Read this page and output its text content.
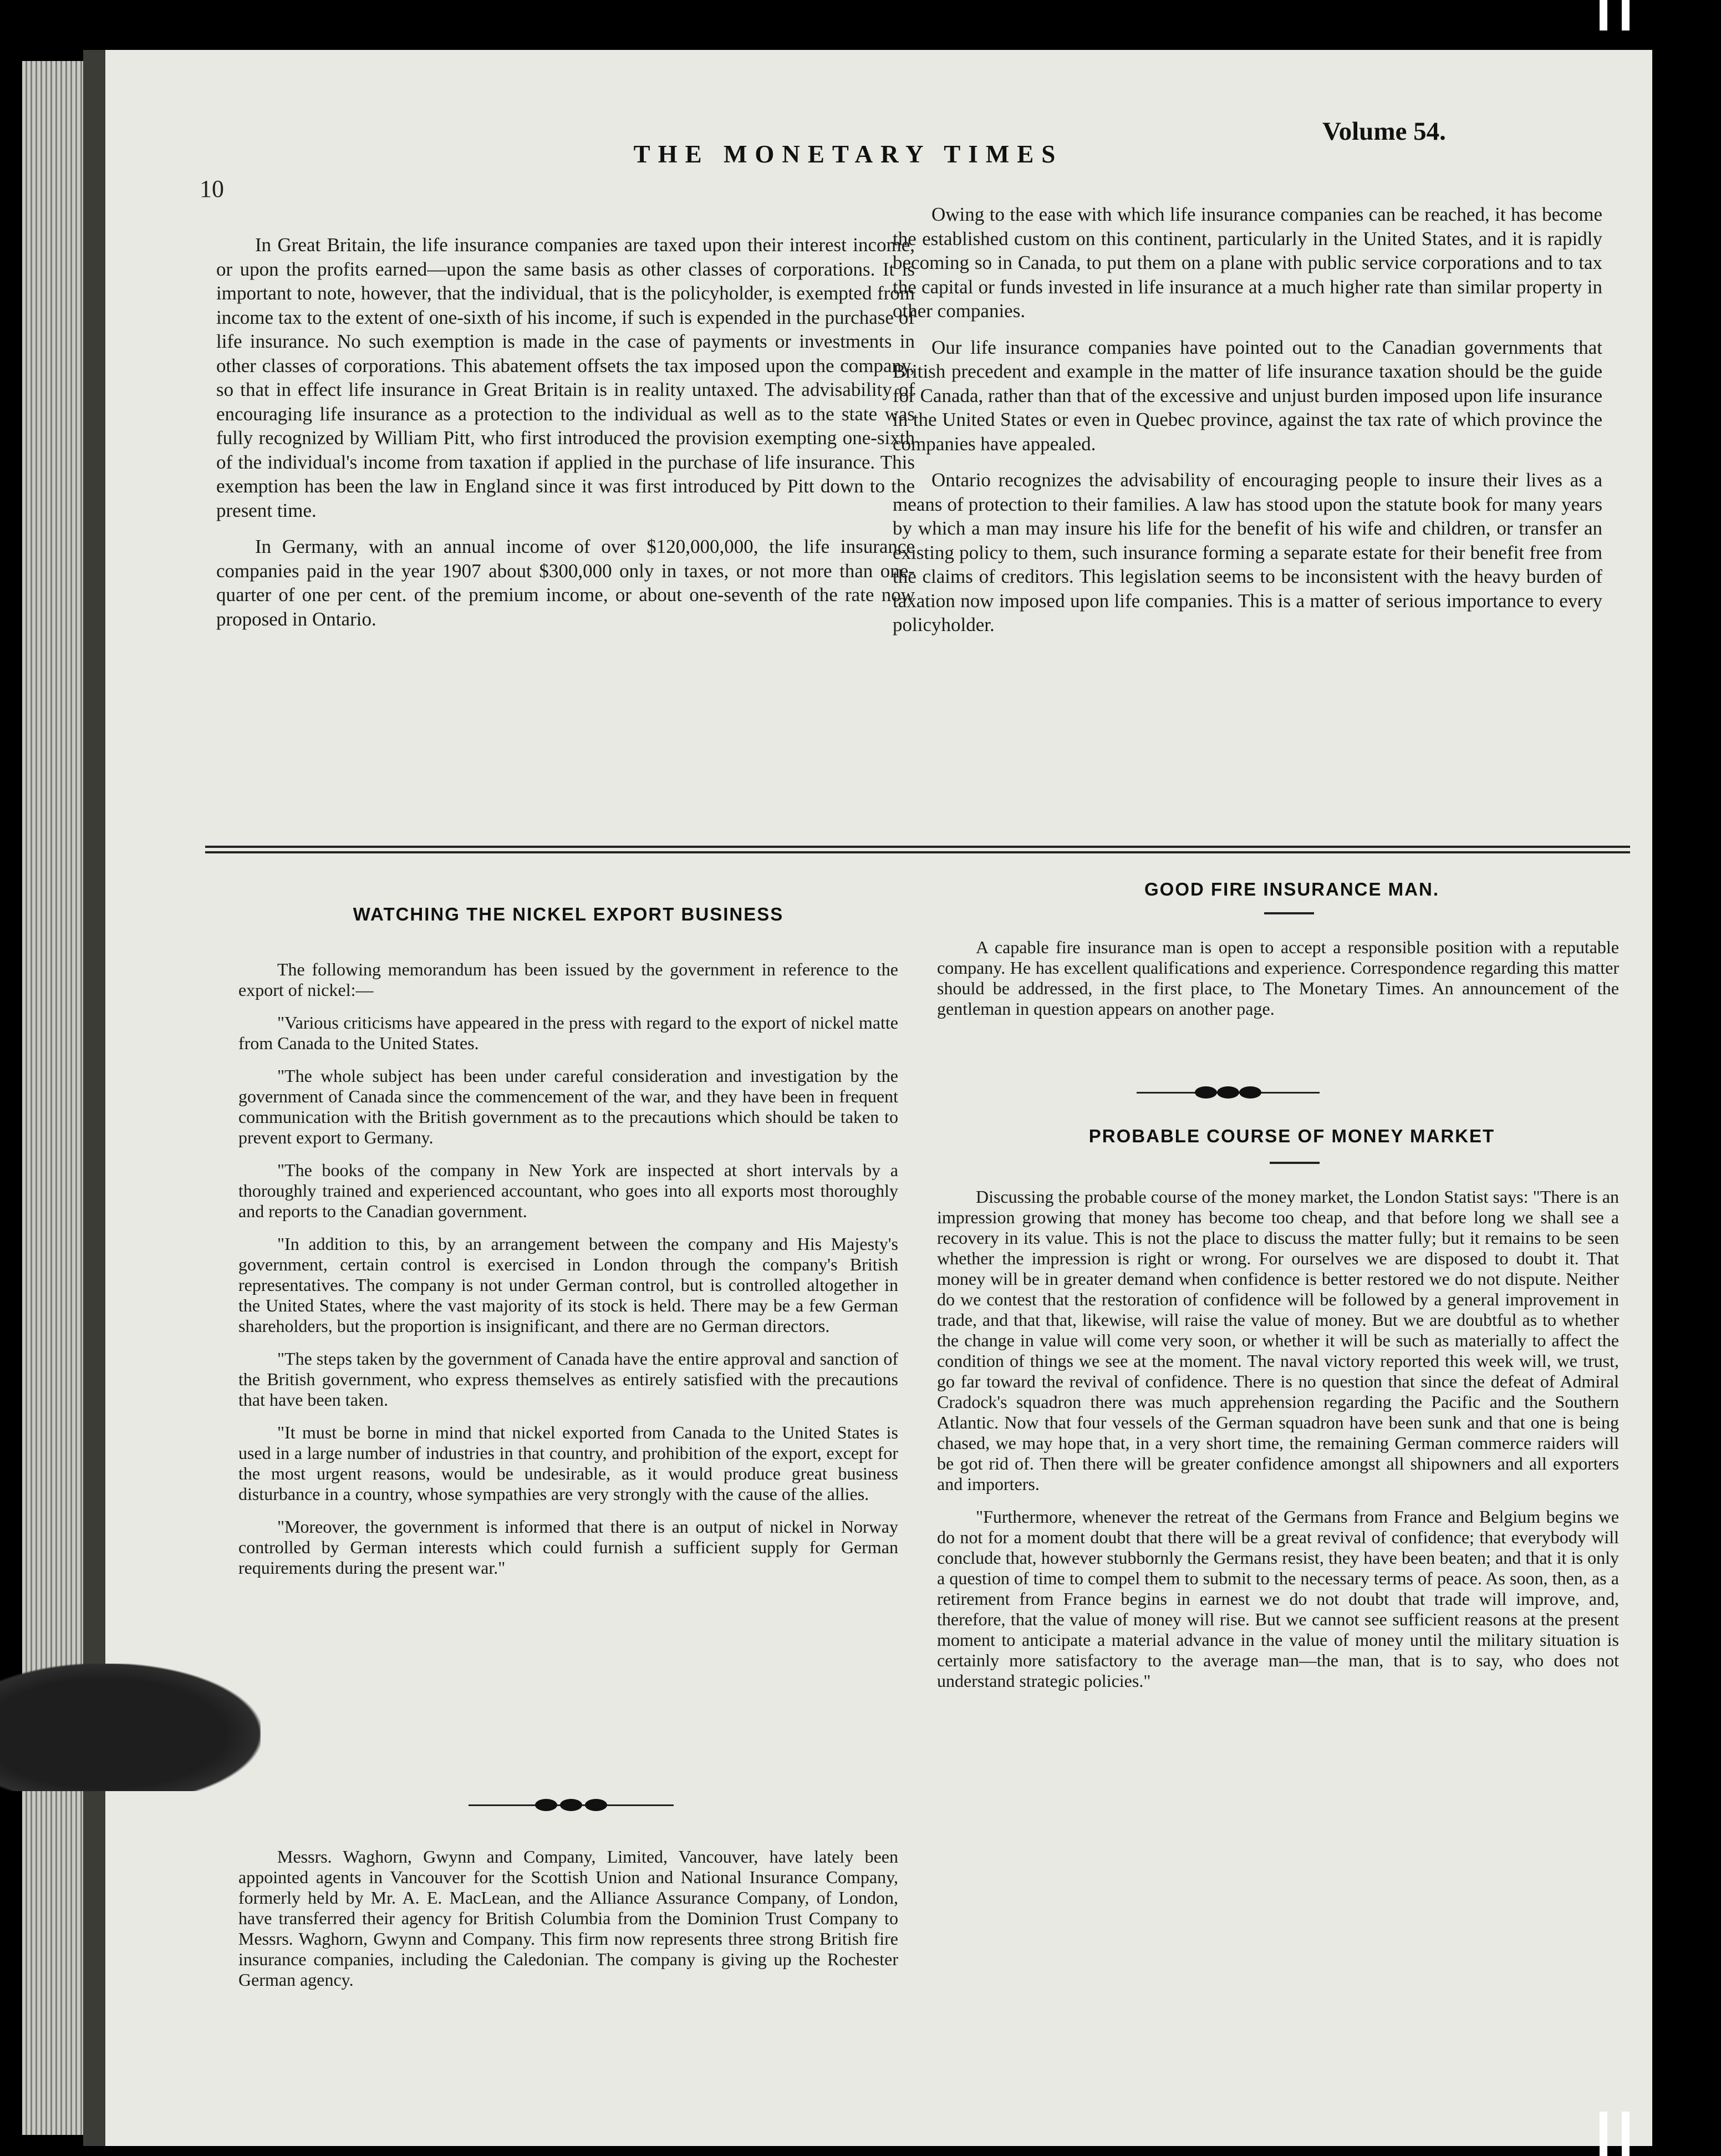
10
THE MONETARY TIMES
Volume 54.

In Great Britain, the life insurance companies are taxed upon their interest income, or upon the profits earned—upon the same basis as other classes of corporations. It is important to note, however, that the individual, that is the policyholder, is exempted from income tax to the extent of one-sixth of his income, if such is expended in the purchase of life insurance. No such exemption is made in the case of payments or investments in other classes of corporations. This abatement offsets the tax imposed upon the company, so that in effect life insurance in Great Britain is in reality untaxed. The advisability of encouraging life insurance as a protection to the individual as well as to the state was fully recognized by William Pitt, who first introduced the provision exempting one-sixth of the individual's income from taxation if applied in the purchase of life insurance. This exemption has been the law in England since it was first introduced by Pitt down to the present time.

In Germany, with an annual income of over $120,000,000, the life insurance companies paid in the year 1907 about $300,000 only in taxes, or not more than one-quarter of one per cent. of the premium income, or about one-seventh of the rate now proposed in Ontario.

Owing to the ease with which life insurance companies can be reached, it has become the established custom on this continent, particularly in the United States, and it is rapidly becoming so in Canada, to put them on a plane with public service corporations and to tax the capital or funds invested in life insurance at a much higher rate than similar property in other companies.

Our life insurance companies have pointed out to the Canadian governments that British precedent and example in the matter of life insurance taxation should be the guide for Canada, rather than that of the excessive and unjust burden imposed upon life insurance in the United States or even in Quebec province, against the tax rate of which province the companies have appealed.

Ontario recognizes the advisability of encouraging people to insure their lives as a means of protection to their families. A law has stood upon the statute book for many years by which a man may insure his life for the benefit of his wife and children, or transfer an existing policy to them, such insurance forming a separate estate for their benefit free from the claims of creditors. This legislation seems to be inconsistent with the heavy burden of taxation now imposed upon life companies. This is a matter of serious importance to every policyholder.

WATCHING THE NICKEL EXPORT BUSINESS

The following memorandum has been issued by the government in reference to the export of nickel:—

"Various criticisms have appeared in the press with regard to the export of nickel matte from Canada to the United States.

"The whole subject has been under careful consideration and investigation by the government of Canada since the commencement of the war, and they have been in frequent communication with the British government as to the precautions which should be taken to prevent export to Germany.

"The books of the company in New York are inspected at short intervals by a thoroughly trained and experienced accountant, who goes into all exports most thoroughly and reports to the Canadian government.

"In addition to this, by an arrangement between the company and His Majesty's government, certain control is exercised in London through the company's British representatives. The company is not under German control, but is controlled altogether in the United States, where the vast majority of its stock is held. There may be a few German shareholders, but the proportion is insignificant, and there are no German directors.

"The steps taken by the government of Canada have the entire approval and sanction of the British government, who express themselves as entirely satisfied with the precautions that have been taken.

"It must be borne in mind that nickel exported from Canada to the United States is used in a large number of industries in that country, and prohibition of the export, except for the most urgent reasons, would be undesirable, as it would produce great business disturbance in a country, whose sympathies are very strongly with the cause of the allies.

"Moreover, the government is informed that there is an output of nickel in Norway controlled by German interests which could furnish a sufficient supply for German requirements during the present war."

Messrs. Waghorn, Gwynn and Company, Limited, Vancouver, have lately been appointed agents in Vancouver for the Scottish Union and National Insurance Company, formerly held by Mr. A. E. MacLean, and the Alliance Assurance Company, of London, have transferred their agency for British Columbia from the Dominion Trust Company to Messrs. Waghorn, Gwynn and Company. This firm now represents three strong British fire insurance companies, including the Caledonian. The company is giving up the Rochester German agency.

GOOD FIRE INSURANCE MAN.

A capable fire insurance man is open to accept a responsible position with a reputable company. He has excellent qualifications and experience. Correspondence regarding this matter should be addressed, in the first place, to The Monetary Times. An announcement of the gentleman in question appears on another page.

PROBABLE COURSE OF MONEY MARKET

Discussing the probable course of the money market, the London Statist says: "There is an impression growing that money has become too cheap, and that before long we shall see a recovery in its value. This is not the place to discuss the matter fully; but it remains to be seen whether the impression is right or wrong. For ourselves we are disposed to doubt it. That money will be in greater demand when confidence is better restored we do not dispute. Neither do we contest that the restoration of confidence will be followed by a general improvement in trade, and that that, likewise, will raise the value of money. But we are doubtful as to whether the change in value will come very soon, or whether it will be such as materially to affect the condition of things we see at the moment. The naval victory reported this week will, we trust, go far toward the revival of confidence. There is no question that since the defeat of Admiral Cradock's squadron there was much apprehension regarding the Pacific and the Southern Atlantic. Now that four vessels of the German squadron have been sunk and that one is being chased, we may hope that, in a very short time, the remaining German commerce raiders will be got rid of. Then there will be greater confidence amongst all shipowners and all exporters and importers.

"Furthermore, whenever the retreat of the Germans from France and Belgium begins we do not for a moment doubt that there will be a great revival of confidence; that everybody will conclude that, however stubbornly the Germans resist, they have been beaten; and that it is only a question of time to compel them to submit to the necessary terms of peace. As soon, then, as a retirement from France begins in earnest we do not doubt that trade will improve, and, therefore, that the value of money will rise. But we cannot see sufficient reasons at the present moment to anticipate a material advance in the value of money until the military situation is certainly more satisfactory to the average man—the man, that is to say, who does not understand strategic policies."
